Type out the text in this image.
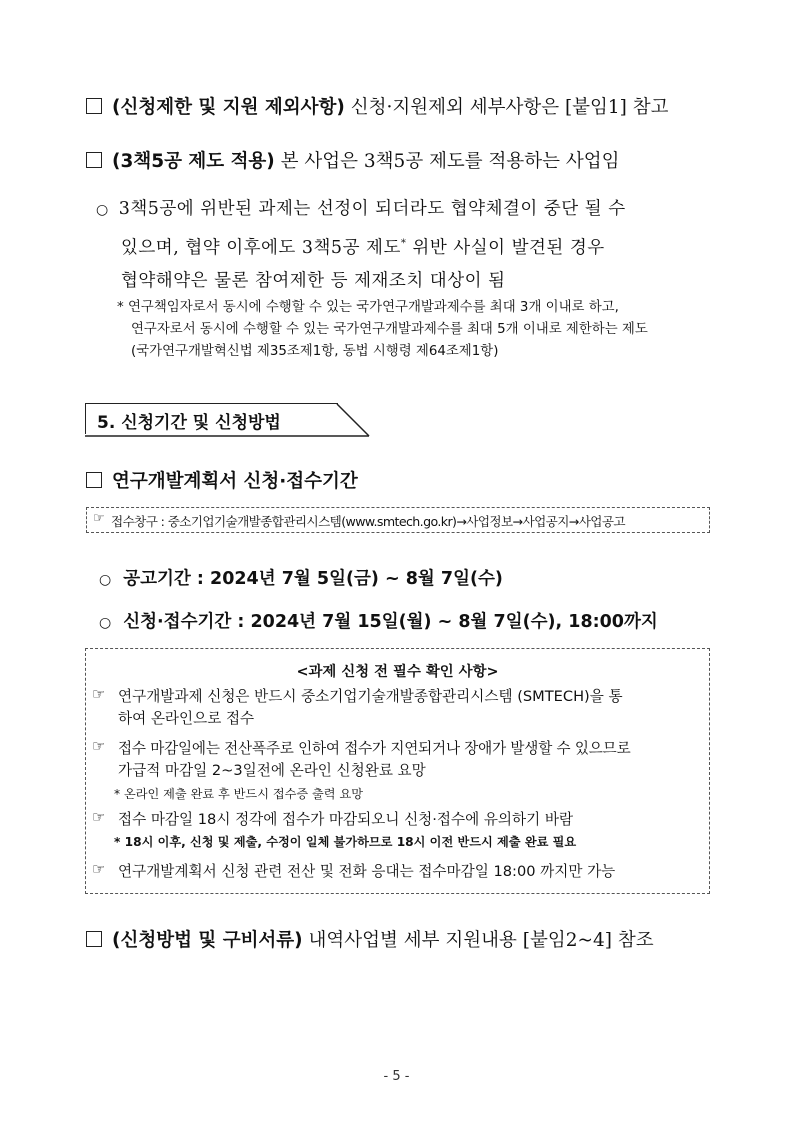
(신청제한 및 지원 제외사항) 신청·지원제외 세부사항은 [붙임1] 참고
(3책5공 제도 적용) 본 사업은 3책5공 제도를 적용하는 사업임
○ 3책5공에 위반된 과제는 선정이 되더라도 협약체결이 중단 될 수
있으며, 협약 이후에도 3책5공 제도* 위반 사실이 발견된 경우
협약해약은 물론 참여제한 등 제재조치 대상이 됨
* 연구책임자로서 동시에 수행할 수 있는 국가연구개발과제수를 최대 3개 이내로 하고,
연구자로서 동시에 수행할 수 있는 국가연구개발과제수를 최대 5개 이내로 제한하는 제도
(국가연구개발혁신법 제35조제1항, 동법 시행령 제64조제1항)
5. 신청기간 및 신청방법
연구개발계획서 신청·접수기간
☞ 접수창구 : 중소기업기술개발종합관리시스템(www.smtech.go.kr)→사업정보→사업공지→사업공고
○ 공고기간 : 2024년 7월 5일(금) ~ 8월 7일(수)
○ 신청·접수기간 : 2024년 7월 15일(월) ~ 8월 7일(수), 18:00까지
<과제 신청 전 필수 확인 사항>
☞ 연구개발과제 신청은 반드시 중소기업기술개발종합관리시스템 (SMTECH)을 통
하여 온라인으로 접수
☞ 접수 마감일에는 전산폭주로 인하여 접수가 지연되거나 장애가 발생할 수 있으므로
가급적 마감일 2~3일전에 온라인 신청완료 요망
* 온라인 제출 완료 후 반드시 접수증 출력 요망
☞ 접수 마감일 18시 정각에 접수가 마감되오니 신청·접수에 유의하기 바람
* 18시 이후, 신청 및 제출, 수정이 일체 불가하므로 18시 이전 반드시 제출 완료 필요
☞ 연구개발계획서 신청 관련 전산 및 전화 응대는 접수마감일 18:00 까지만 가능
(신청방법 및 구비서류) 내역사업별 세부 지원내용 [붙임2~4] 참조
- 5 -
